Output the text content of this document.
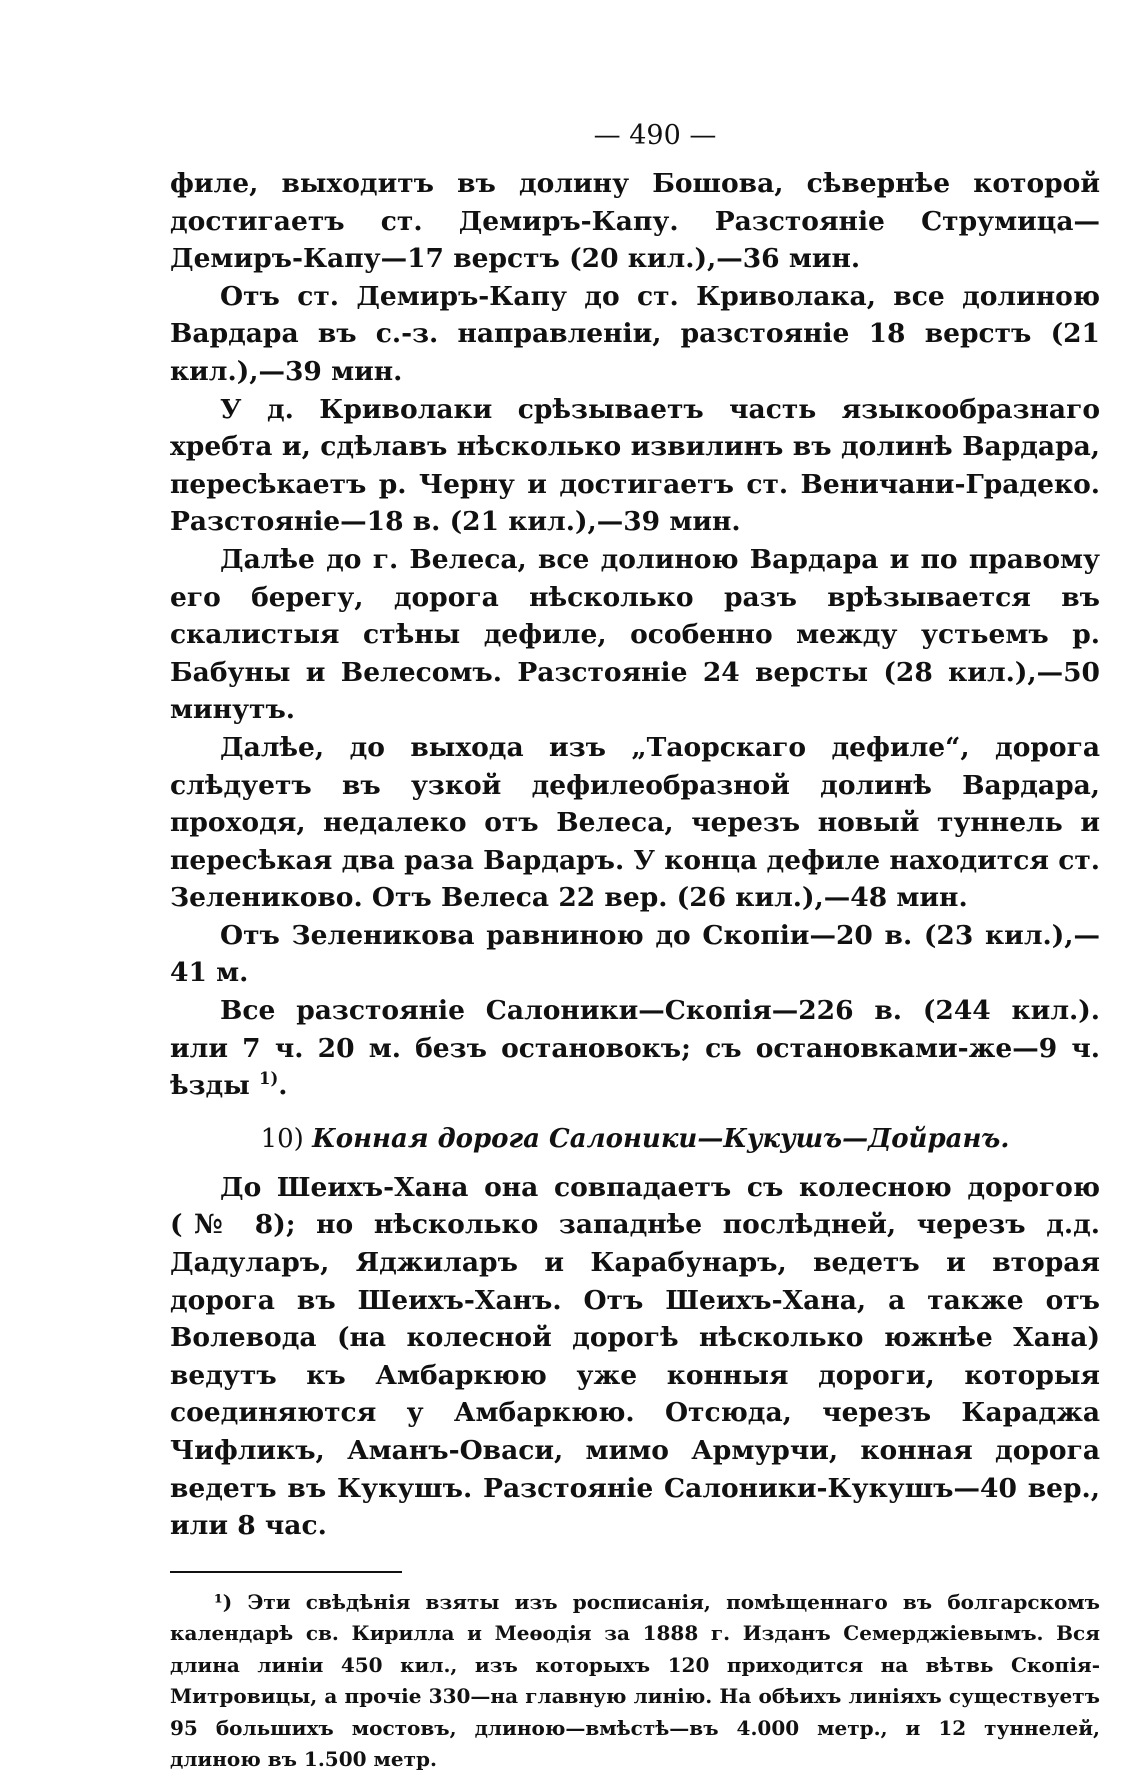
— 490 —

филе, выходитъ въ долину Бошова, сѣвернѣе которой достигаетъ ст. Демиръ-Капу. Разстояніе Струмица—Демиръ-Капу—17 верстъ (20 кил.),—36 мин.

Отъ ст. Демиръ-Капу до ст. Криволака, все долиною Вардара въ с.-з. направленіи, разстояніе 18 верстъ (21 кил.),—39 мин.

У д. Криволаки срѣзываетъ часть языкообразнаго хребта и, сдѣлавъ нѣсколько извилинъ въ долинѣ Вардара, пересѣкаетъ р. Черну и достигаетъ ст. Веничани-Градеко. Разстояніе—18 в. (21 кил.),—39 мин.

Далѣе до г. Велеса, все долиною Вардара и по правому его берегу, дорога нѣсколько разъ врѣзывается въ скалистыя стѣны дефиле, особенно между устьемъ р. Бабуны и Велесомъ. Разстояніе 24 версты (28 кил.),—50 минутъ.

Далѣе, до выхода изъ „Таорскаго дефиле“, дорога слѣдуетъ въ узкой дефилеобразной долинѣ Вардара, проходя, недалеко отъ Велеса, черезъ новый туннель и пересѣкая два раза Вардаръ. У конца дефиле находится ст. Зелениково. Отъ Велеса 22 вер. (26 кил.),—48 мин.

Отъ Зеленикова равниною до Скопіи—20 в. (23 кил.),—41 м.

Все разстояніе Салоники—Скопія—226 в. (244 кил.). или 7 ч. 20 м. безъ остановокъ; съ остановками-же—9 ч. ѣзды $^{1)}$.

10) Конная дорога Салоники—Кукушъ—Дойранъ.

До Шеихъ-Хана она совпадаетъ съ колесною дорогою (№ 8); но нѣсколько западнѣе послѣдней, черезъ д.д. Дадуларъ, Яджиларъ и Карабунаръ, ведетъ и вторая дорога въ Шеихъ-Ханъ. Отъ Шеихъ-Хана, а также отъ Волевода (на колесной дорогѣ нѣсколько южнѣе Хана) ведутъ къ Амбаркюю уже конныя дороги, которыя соединяются у Амбаркюю. Отсюда, черезъ Караджа Чифликъ, Аманъ-Оваси, мимо Армурчи, конная дорога ведетъ въ Кукушъ. Разстояніе Салоники-Кукушъ—40 вер., или 8 час.

¹) Эти свѣдѣнія взяты изъ росписанія, помѣщеннаго въ болгарскомъ календарѣ св. Кирилла и Меѳодія за 1888 г. Изданъ Семерджіевымъ. Вся длина линіи 450 кил., изъ которыхъ 120 приходится на вѣтвь Скопія-Митровицы, а прочіе 330—на главную линію. На обѣихъ линіяхъ существуетъ 95 большихъ мостовъ, длиною—вмѣстѣ—въ 4.000 метр., и 12 туннелей, длиною въ 1.500 метр.
